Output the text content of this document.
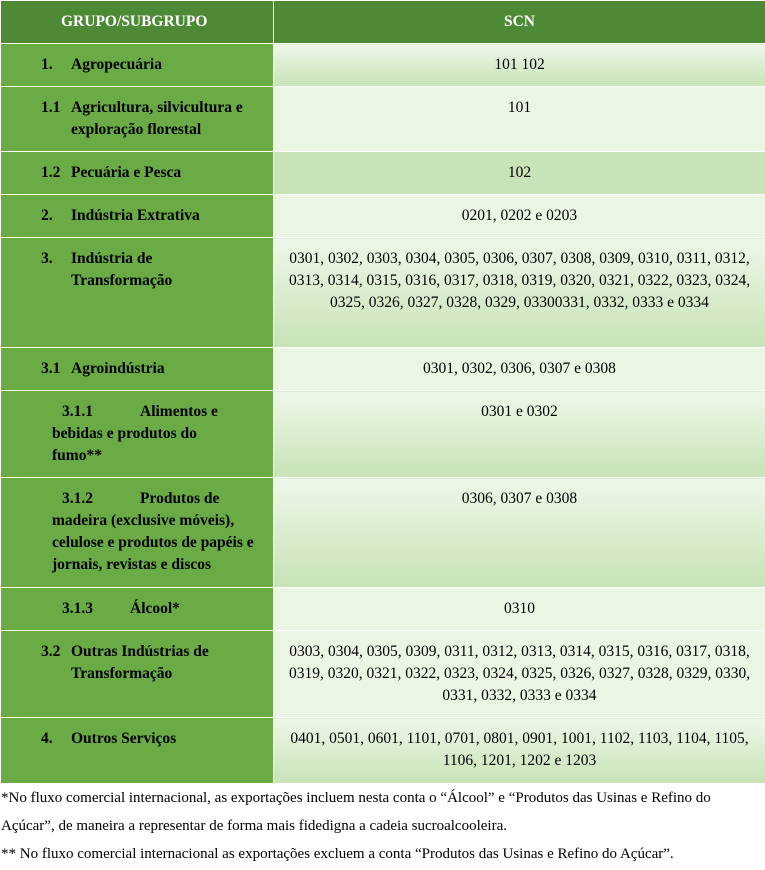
GRUPO/SUBGRUPO	SCN

1. Agropecuária	101 102

1.1 Agricultura, silvicultura e exploração florestal	101

1.2 Pecuária e Pesca	102

2. Indústria Extrativa	0201, 0202 e 0203

3. Indústria de Transformação	0301, 0302, 0303, 0304, 0305, 0306, 0307, 0308, 0309, 0310, 0311, 0312, 0313, 0314, 0315, 0316, 0317, 0318, 0319, 0320, 0321, 0322, 0323, 0324, 0325, 0326, 0327, 0328, 0329, 03300331, 0332, 0333 e 0334

3.1 Agroindústria	0301, 0302, 0306, 0307 e 0308

3.1.1 Alimentos e bebidas e produtos do fumo**	0301 e 0302

3.1.2 Produtos de madeira (exclusive móveis), celulose e produtos de papéis e jornais, revistas e discos	0306, 0307 e 0308

3.1.3 Álcool*	0310

3.2 Outras Indústrias de Transformação	0303, 0304, 0305, 0309, 0311, 0312, 0313, 0314, 0315, 0316, 0317, 0318, 0319, 0320, 0321, 0322, 0323, 0324, 0325, 0326, 0327, 0328, 0329, 0330, 0331, 0332, 0333 e 0334

4. Outros Serviços	0401, 0501, 0601, 1101, 0701, 0801, 0901, 1001, 1102, 1103, 1104, 1105, 1106, 1201, 1202 e 1203
*No fluxo comercial internacional, as exportações incluem nesta conta o “Álcool” e “Produtos das Usinas e Refino do Açúcar”, de maneira a representar de forma mais fidedigna a cadeia sucroalcooleira.
** No fluxo comercial internacional as exportações excluem a conta “Produtos das Usinas e Refino do Açúcar”.
